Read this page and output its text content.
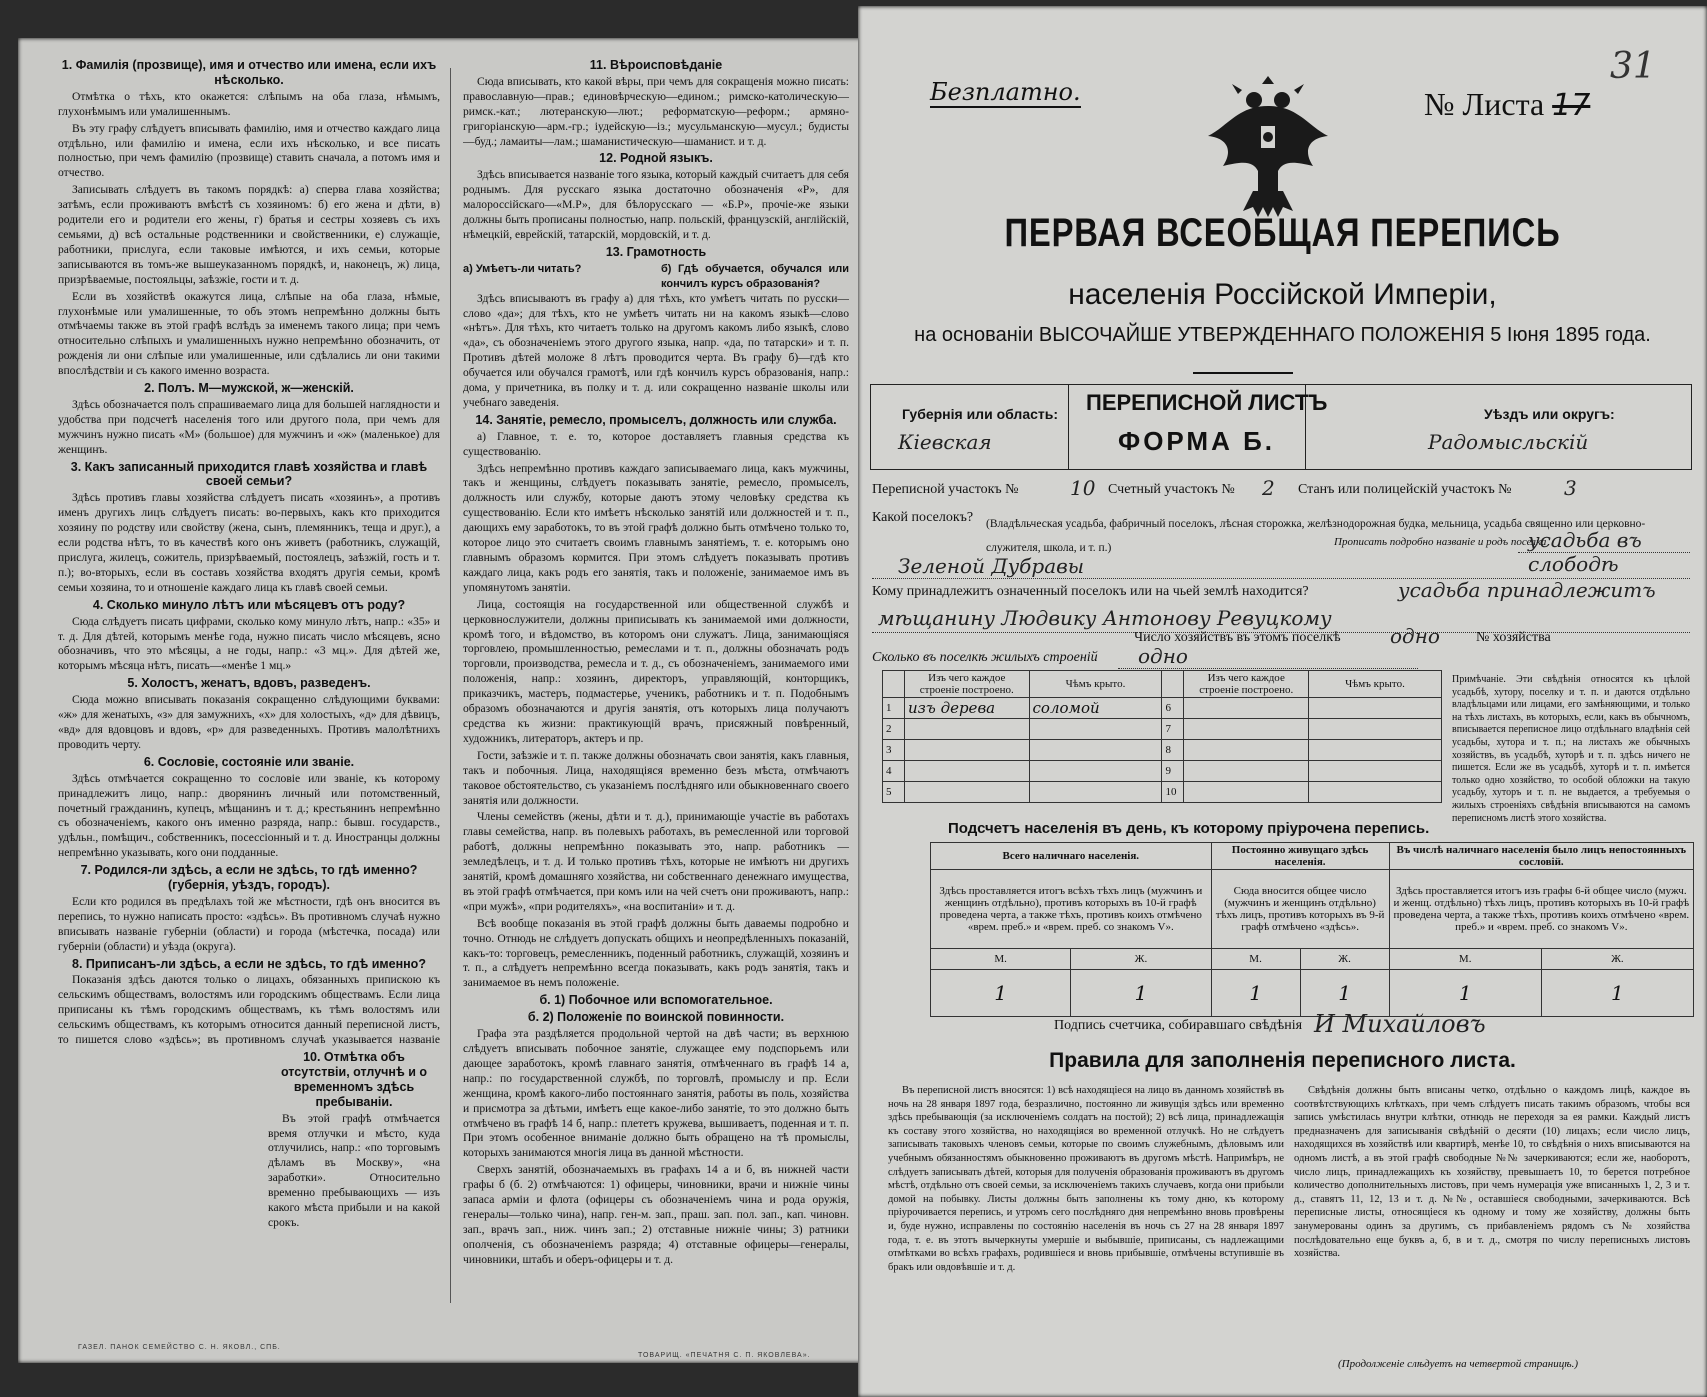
1. Фамилія (прозвище), имя и отчество или имена, если ихъ нѣсколько.

Отмѣтка о тѣхъ, кто окажется: слѣпымъ на оба глаза, нѣмымъ, глухонѣмымъ или умалишеннымъ.

Въ эту графу слѣдуетъ вписывать фамилію, имя и отчество каждаго лица отдѣльно, или фамилію и имена, если ихъ нѣсколько, и все писать полностью, при чемъ фамилію (прозвище) ставить сначала, а потомъ имя и отчество.

Записывать слѣдуетъ въ такомъ порядкѣ: а) сперва глава хозяйства; затѣмъ, если проживаютъ вмѣстѣ съ хозяиномъ: б) его жена и дѣти, в) родители его и родители его жены, г) братья и сестры хозяевъ съ ихъ семьями, д) всѣ остальные родственники и свойственники, е) служащіе, работники, прислуга, если таковые имѣются, и ихъ семьи, которые записываются въ томъ-же вышеуказанномъ порядкѣ, и, наконецъ, ж) лица, призрѣваемые, постояльцы, заѣзжіе, гости и т. д.

Если въ хозяйствѣ окажутся лица, слѣпые на оба глаза, нѣмые, глухонѣмые или умалишенные, то объ этомъ непремѣнно должны быть отмѣчаемы также въ этой графѣ вслѣдъ за именемъ такого лица; при чемъ относительно слѣпыхъ и умалишенныхъ нужно непремѣнно обозначить, от рожденія ли они слѣпые или умалишенные, или сдѣлались ли они такими впослѣдствіи и съ какого именно возраста.

2. Полъ. М—мужской, ж—женскій.

Здѣсь обозначается полъ спрашиваемаго лица для большей наглядности и удобства при подсчетѣ населенія того или другого пола, при чемъ для мужчинъ нужно писать «М» (большое) для мужчинъ и «ж» (маленькое) для женщинъ.

3. Какъ записанный приходится главѣ хозяйства и главѣ своей семьи?

Здѣсь противъ главы хозяйства слѣдуетъ писать «хозяинъ», а противъ именъ другихъ лицъ слѣдуетъ писать: во-первыхъ, какъ кто приходится хозяину по родству или свойству (жена, сынъ, племянникъ, теща и друг.), а если родства нѣтъ, то въ качествѣ кого онъ живетъ (работникъ, служащій, прислуга, жилецъ, сожитель, призрѣваемый, постоялецъ, заѣзжій, гость и т. п.); во-вторыхъ, если въ составъ хозяйства входятъ другія семьи, кромѣ семьи хозяина, то и отношеніе каждаго лица къ главѣ своей семьи.

4. Сколько минуло лѣтъ или мѣсяцевъ отъ роду?

Сюда слѣдуетъ писать цифрами, сколько кому минуло лѣтъ, напр.: «35» и т. д. Для дѣтей, которымъ менѣе года, нужно писать число мѣсяцевъ, ясно обозначивъ, что это мѣсяцы, а не годы, напр.: «3 мц.». Для дѣтей же, которымъ мѣсяца нѣтъ, писать—«менѣе 1 мц.»

5. Холостъ, женатъ, вдовъ, разведенъ.

Сюда можно вписывать показанія сокращенно слѣдующими буквами: «ж» для женатыхъ, «з» для замужнихъ, «х» для холостыхъ, «д» для дѣвицъ, «вд» для вдовцовъ и вдовъ, «р» для разведенныхъ. Противъ малолѣтнихъ проводить черту.

6. Сословіе, состояніе или званіе.

Здѣсь отмѣчается сокращенно то сословіе или званіе, къ которому принадлежитъ лицо, напр.: дворянинъ личный или потомственный, почетный гражданинъ, купецъ, мѣщанинъ и т. д.; крестьянинъ непремѣнно съ обозначеніемъ, какого онъ именно разряда, напр.: бывш. государств., удѣльн., помѣщич., собственникъ, посессіонный и т. д. Иностранцы должны непремѣнно указывать, кого они подданные.

7. Родился-ли здѣсь, а если не здѣсь, то гдѣ именно? (губернія, уѣздъ, городъ).

Если кто родился въ предѣлахъ той же мѣстности, гдѣ онъ вносится въ перепись, то нужно написать просто: «здѣсь». Въ противномъ случаѣ нужно вписывать названіе губерніи (области) и города (мѣстечка, посада) или губерніи (области) и уѣзда (округа).

8. Приписанъ-ли здѣсь, а если не здѣсь, то гдѣ именно?

Показанія здѣсь даются только о лицахъ, обязанныхъ припискою къ сельскимъ обществамъ, волостямъ или городскимъ обществамъ. Если лица приписаны къ тѣмъ городскимъ обществамъ, къ тѣмъ волостямъ или сельскимъ обществамъ, къ которымъ относится данный переписной листъ, то пишется слово «здѣсь»; въ противномъ случаѣ указывается названіе

10. Отмѣтка объ отсутствіи, отлучнѣ и о временномъ здѣсь пребываніи.

Въ этой графѣ отмѣчается время отлучки и мѣсто, куда отлучились, напр.: «по торговымъ дѣламъ въ Москву», «на заработки». Относительно временно пребывающихъ — изъ какого мѣста прибыли и на какой срокъ.

11. Вѣроисповѣданіе

Сюда вписывать, кто какой вѣры, при чемъ для сокращенія можно писать: православную—прав.; единовѣрческую—едином.; римско-католическую—римск.-кат.; лютеранскую—лют.; реформатскую—реформ.; армяно-григоріанскую—арм.-гр.; іудейскую—із.; мусульманскую—мусул.; будисты—буд.; ламаиты—лам.; шаманистическую—шаманист. и т. д.

12. Родной языкъ.

Здѣсь вписывается названіе того языка, который каждый считаетъ для себя роднымъ. Для русскаго языка достаточно обозначенія «Р», для малороссійскаго—«М.Р», для бѣлорусскаго — «Б.Р», прочіе-же языки должны быть прописаны полностью, напр. польскій, французскій, англійскій, нѣмецкій, еврейскій, татарскій, мордовскій, и т. д.

13. Грамотность
а) Умѣетъ-ли читать?	б) Гдѣ обучается, обучался или кончилъ курсъ образованія?

Здѣсь вписываютъ въ графу а) для тѣхъ, кто умѣетъ читать по русски—слово «да»; для тѣхъ, кто не умѣетъ читать ни на какомъ языкѣ—слово «нѣтъ». Для тѣхъ, кто читаетъ только на другомъ какомъ либо языкѣ, слово «да», съ обозначеніемъ этого другого языка, напр. «да, по татарски» и т. п. Противъ дѣтей моложе 8 лѣтъ проводится черта. Въ графу б)—гдѣ кто обучается или обучался грамотѣ, или гдѣ кончилъ курсъ образованія, напр.: дома, у причетника, въ полку и т. д. или сокращенно названіе школы или учебнаго заведенія.

14. Занятіе, ремесло, промыселъ, должность или служба.

а) Главное, т. е. то, которое доставляетъ главныя средства къ существованію.

Здѣсь непремѣнно противъ каждаго записываемаго лица, какъ мужчины, такъ и женщины, слѣдуетъ показывать занятіе, ремесло, промыселъ, должность или службу, которые даютъ этому человѣку средства къ существованію. Если кто имѣетъ нѣсколько занятій или должностей и т. п., дающихъ ему заработокъ, то въ этой графѣ должно быть отмѣчено только то, которое лицо это считаетъ своимъ главнымъ занятіемъ, т. е. которымъ оно главнымъ образомъ кормится. При этомъ слѣдуетъ показывать противъ каждаго лица, какъ родъ его занятія, такъ и положеніе, занимаемое имъ въ упомянутомъ занятіи.

Лица, состоящія на государственной или общественной службѣ и церковнослужители, должны приписывать къ занимаемой ими должности, кромѣ того, и вѣдомство, въ которомъ они служатъ. Лица, занимающіяся торговлею, промышленностью, ремеслами и т. п., должны обозначать родъ торговли, производства, ремесла и т. д., съ обозначеніемъ, занимаемого ими положенія, напр.: хозяинъ, директоръ, управляющій, конторщикъ, приказчикъ, мастеръ, подмастерье, ученикъ, работникъ и т. п. Подобнымъ образомъ обозначаются и другія занятія, отъ которыхъ лица получаютъ средства къ жизни: практикующій врачъ, присяжный повѣренный, художникъ, литераторъ, актеръ и пр.

Гости, заѣзжіе и т. п. также должны обозначать свои занятія, какъ главныя, такъ и побочныя. Лица, находящіяся временно безъ мѣста, отмѣчаютъ таковое обстоятельство, съ указаніемъ послѣдняго или обыкновеннаго своего занятія или должности.

Члены семействъ (жены, дѣти и т. д.), принимающіе участіе въ работахъ главы семейства, напр. въ полевыхъ работахъ, въ ремесленной или торговой работѣ, должны непремѣнно показывать это, напр. работникъ — земледѣлецъ, и т. д. И только противъ тѣхъ, которые не имѣютъ ни другихъ занятій, кромѣ домашняго хозяйства, ни собственнаго денежнаго имущества, въ этой графѣ отмѣчается, при комъ или на чей счетъ они проживаютъ, напр.: «при мужѣ», «при родителяхъ», «на воспитаніи» и т. д.

Всѣ вообще показанія въ этой графѣ должны быть даваемы подробно и точно. Отнюдь не слѣдуетъ допускать общихъ и неопредѣленныхъ показаній, какъ-то: торговецъ, ремесленникъ, поденный работникъ, служащій, хозяинъ и т. п., а слѣдуетъ непремѣнно всегда показывать, какъ родъ занятія, такъ и занимаемое въ немъ положеніе.

б. 1) Побочное или вспомогательное.
б. 2) Положеніе по воинской повинности.

Графа эта раздѣляется продольной чертой на двѣ части; въ верхнюю слѣдуетъ вписывать побочное занятіе, служащее ему подспорьемъ или дающее заработокъ, кромѣ главнаго занятія, отмѣченнаго въ графѣ 14 а, напр.: по государственной службѣ, по торговлѣ, промыслу и пр. Если женщина, кромѣ какого-либо постояннаго занятія, работы въ поль, хозяйства и присмотра за дѣтьми, имѣетъ еще какое-либо занятіе, то это должно быть отмѣчено въ графѣ 14 б, напр.: плететъ кружева, вышиваетъ, поденная и т. п. При этомъ особенное вниманіе должно быть обращено на тѣ промыслы, которыхъ занимаются многія лица въ данной мѣстности.

Сверхъ занятій, обозначаемыхъ въ графахъ 14 а и б, въ нижней части графы б (б. 2) отмѣчаются: 1) офицеры, чиновники, врачи и нижніе чины запаса арміи и флота (офицеры съ обозначеніемъ чина и рода оружія, генералы—только чина), напр. ген-м. зап., праш. зап. пол. зап., кап. чиновн. зап., врачъ зап., ниж. чинъ зап.; 2) отставные нижніе чины; 3) ратники ополченія, съ обозначеніемъ разряда; 4) отставные офицеры—генералы, чиновники, штабъ и оберъ-офицеры и т. д.

ГАЗЕЛ. ПАНОК СЕМЕЙСТВО С. Н. ЯКОВЛ., СПБ.
ТОВАРИЩ. «ПЕЧАТНЯ С. П. ЯКОВЛЕВА».
Безплатно.	№ Листа 17
31
ПЕРВАЯ ВСЕОБЩАЯ ПЕРЕПИСЬ
населенія Россійской Имперіи,
на основаніи ВЫСОЧАЙШЕ УТВЕРЖДЕННАГО ПОЛОЖЕНІЯ 5 Іюня 1895 года.
Губернія или область:
Кіевская
ПЕРЕПИСНОЙ ЛИСТЪ
ФОРМА Б.
Уѣздъ или округъ:
Радомысльскій
Переписной участокъ №	10 Счетный участокъ № 2 Станъ или полицейскій участокъ №	3
Какой поселокъ? (Владѣльческая усадьба, фабричный поселокъ, лѣсная сторожка, желѣзнодорожная будка, мельница, усадьба священно или церковно-служителя, школа, и т. п.)	Прописать подробно названіе и родъ поселка
усадьба въ слободѣ
Зеленой Дубравы
Кому принадлежитъ означенный поселокъ или на чьей землѣ находится?	усадьба принадлежитъ
мѣщанину Людвику Антонову Ревуцкому
Число хозяйствъ въ этомъ поселкѣ одно	№ хозяйства
Сколько въ поселкѣ жилыхъ строеній одно
	Изъ чего каждое строеніе построено.	Чѣмъ крыто.		Изъ чего каждое строеніе построено.	Чѣмъ крыто.
1	изъ дерева	соломой	6		
2			7		
3			8		
4			9		
5			10		
Примѣчаніе. Эти свѣдѣнія относятся къ цѣлой усадьбѣ, хутору, поселку и т. п. и даются отдѣльно владѣльцами или лицами, его замѣняющими, и только на тѣхъ листахъ, въ которыхъ, если, какъ въ обычномъ, вписывается переписное лицо отдѣльнаго владѣнія сей усадьбы, хутора и т. п.; на листахъ же обычныхъ хозяйствъ, въ усадьбѣ, хуторѣ и т. п. здѣсь ничего не пишется. Если же въ усадьбѣ, хуторѣ и т. п. имѣется только одно хозяйство, то особой обложки на такую усадьбу, хуторъ и т. п. не выдается, а требуемыя о жилыхъ строеніяхъ свѣдѣнія вписываются на самомъ переписномъ листѣ этого хозяйства.
Подсчетъ населенія въ день, къ которому пріурочена перепись.
Всего наличнаго населенія.		Постоянно живущаго здѣсь населенія.		Въ числѣ наличнаго населенія было лицъ непостоянныхъ сословій.	
Здѣсь проставляется итогъ всѣхъ тѣхъ лицъ (мужчинъ и женщинъ отдѣльно), противъ которыхъ въ 10-й графѣ проведена черта, а также тѣхъ, противъ коихъ отмѣчено «врем. преб.» и «врем. преб. со знакомъ V».		Сюда вносится общее число (мужчинъ и женщинъ отдѣльно) тѣхъ лицъ, противъ которыхъ въ 9-й графѣ отмѣчено «здѣсь».		Здѣсь проставляется итогъ изъ графы 6-й общее число (мужч. и женщ. отдѣльно) тѣхъ лицъ, противъ которыхъ въ 10-й графѣ проведена черта, а также тѣхъ, противъ коихъ отмѣчено «врем. преб.» и «врем. преб. со знакомъ V».	
М.	Ж.	М.	Ж.	М.	Ж.
1	1	1	1	1	1
Подпись счетчика, собиравшаго свѣдѣнія И Михайловъ
Правила для заполненія переписного листа.

Въ переписной листъ вносятся: 1) всѣ находящіеся на лицо въ данномъ хозяйствѣ въ ночь на 28 января 1897 года, безразлично, постоянно ли живущія здѣсь или временно здѣсь пребывающія (за исключеніемъ солдатъ на постой); 2) всѣ лица, принадлежащія къ составу этого хозяйства, но находящіяся во временной отлучкѣ. Но не слѣдуетъ записывать таковыхъ членовъ семьи, которые по своимъ служебнымъ, дѣловымъ или учебнымъ обязанностямъ обыкновенно проживаютъ въ другомъ мѣстѣ. Напримѣръ, не слѣдуетъ записывать дѣтей, которыя для полученія образованія проживаютъ въ другомъ мѣстѣ, отдѣльно отъ своей семьи, за исключеніемъ такихъ случаевъ, когда они прибыли домой на побывку. Листы должны быть заполнены къ тому дню, къ которому пріурочивается перепись, и утромъ сего послѣдняго дня непремѣнно вновь провѣрены и, буде нужно, исправлены по состоянію населенія въ ночь съ 27 на 28 января 1897 года, т. е. въ этотъ вычеркнуты умершіе и выбывшіе, приписаны, съ надлежащими отмѣтками во всѣхъ графахъ, родившіеся и вновь прибывшіе, отмѣчены вступившіе въ бракъ или овдовѣвшіе и т. д.

Свѣдѣнія должны быть вписаны четко, отдѣльно о каждомъ лицѣ, каждое въ соотвѣтствующихъ клѣткахъ, при чемъ слѣдуетъ писать такимъ образомъ, чтобы вся запись умѣстилась внутри клѣтки, отнюдь не переходя за ея рамки. Каждый листъ предназначенъ для записыванія свѣдѣній о десяти (10) лицахъ; если число лицъ, находящихся въ хозяйствѣ или квартирѣ, менѣе 10, то свѣдѣнія о нихъ вписываются на одномъ листѣ, а въ этой графѣ свободные №№ зачеркиваются; если же, наоборотъ, число лицъ, принадлежащихъ къ хозяйству, превышаетъ 10, то берется потребное количество дополнительныхъ листовъ, при чемъ нумерація уже вписанныхъ 1, 2, 3 и т. д., ставятъ 11, 12, 13 и т. д. №№, оставшіеся свободными, зачеркиваются. Всѣ переписные листы, относящіеся къ одному и тому же хозяйству, должны быть занумерованы одинъ за другимъ, съ прибавленіемъ рядомъ съ № хозяйства послѣдовательно еще буквъ а, б, в и т. д., смотря по числу переписныхъ листовъ хозяйства.

(Продолженіе слѣдуетъ на четвертой страницѣ.)
